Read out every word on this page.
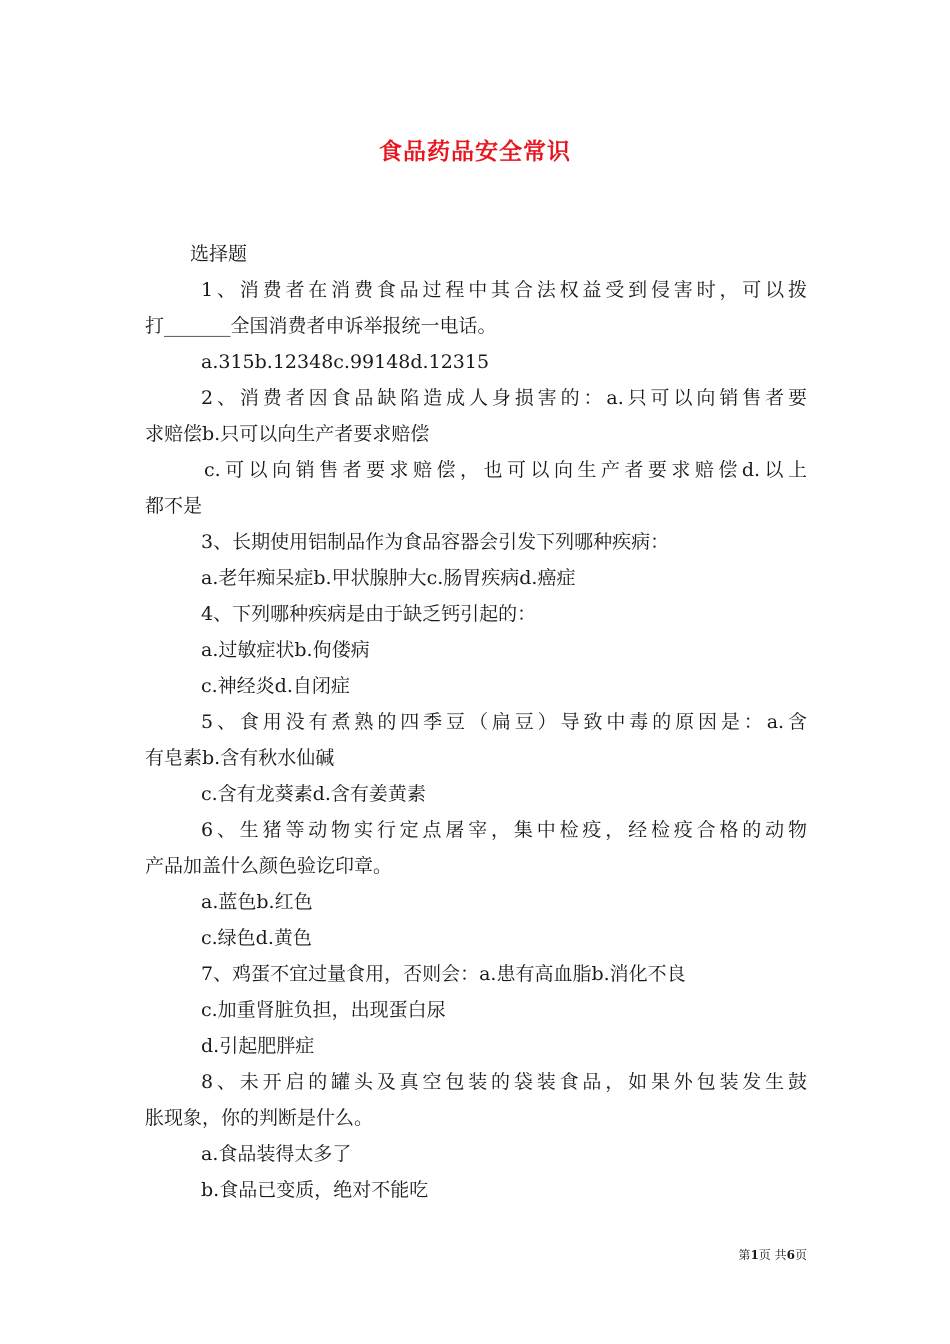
食品药品安全常识
选择题
1、消费者在消费食品过程中其合法权益受到侵害时，可以拨
打_______全国消费者申诉举报统一电话。
a.315b.12348c.99148d.12315
2、消费者因食品缺陷造成人身损害的：a.只可以向销售者要
求赔偿b.只可以向生产者要求赔偿
c.可以向销售者要求赔偿，也可以向生产者要求赔偿d.以上
都不是
3、长期使用铝制品作为食品容器会引发下列哪种疾病：
a.老年痴呆症b.甲状腺肿大c.肠胃疾病d.癌症
4、下列哪种疾病是由于缺乏钙引起的：
a.过敏症状b.佝偻病
c.神经炎d.自闭症
5、食用没有煮熟的四季豆（扁豆）导致中毒的原因是：a.含
有皂素b.含有秋水仙碱
c.含有龙葵素d.含有姜黄素
6、生猪等动物实行定点屠宰，集中检疫，经检疫合格的动物
产品加盖什么颜色验讫印章。
a.蓝色b.红色
c.绿色d.黄色
7、鸡蛋不宜过量食用，否则会：a.患有高血脂b.消化不良
c.加重肾脏负担，出现蛋白尿
d.引起肥胖症
8、未开启的罐头及真空包装的袋装食品，如果外包装发生鼓
胀现象，你的判断是什么。
a.食品装得太多了
b.食品已变质，绝对不能吃
第1页 共6页
